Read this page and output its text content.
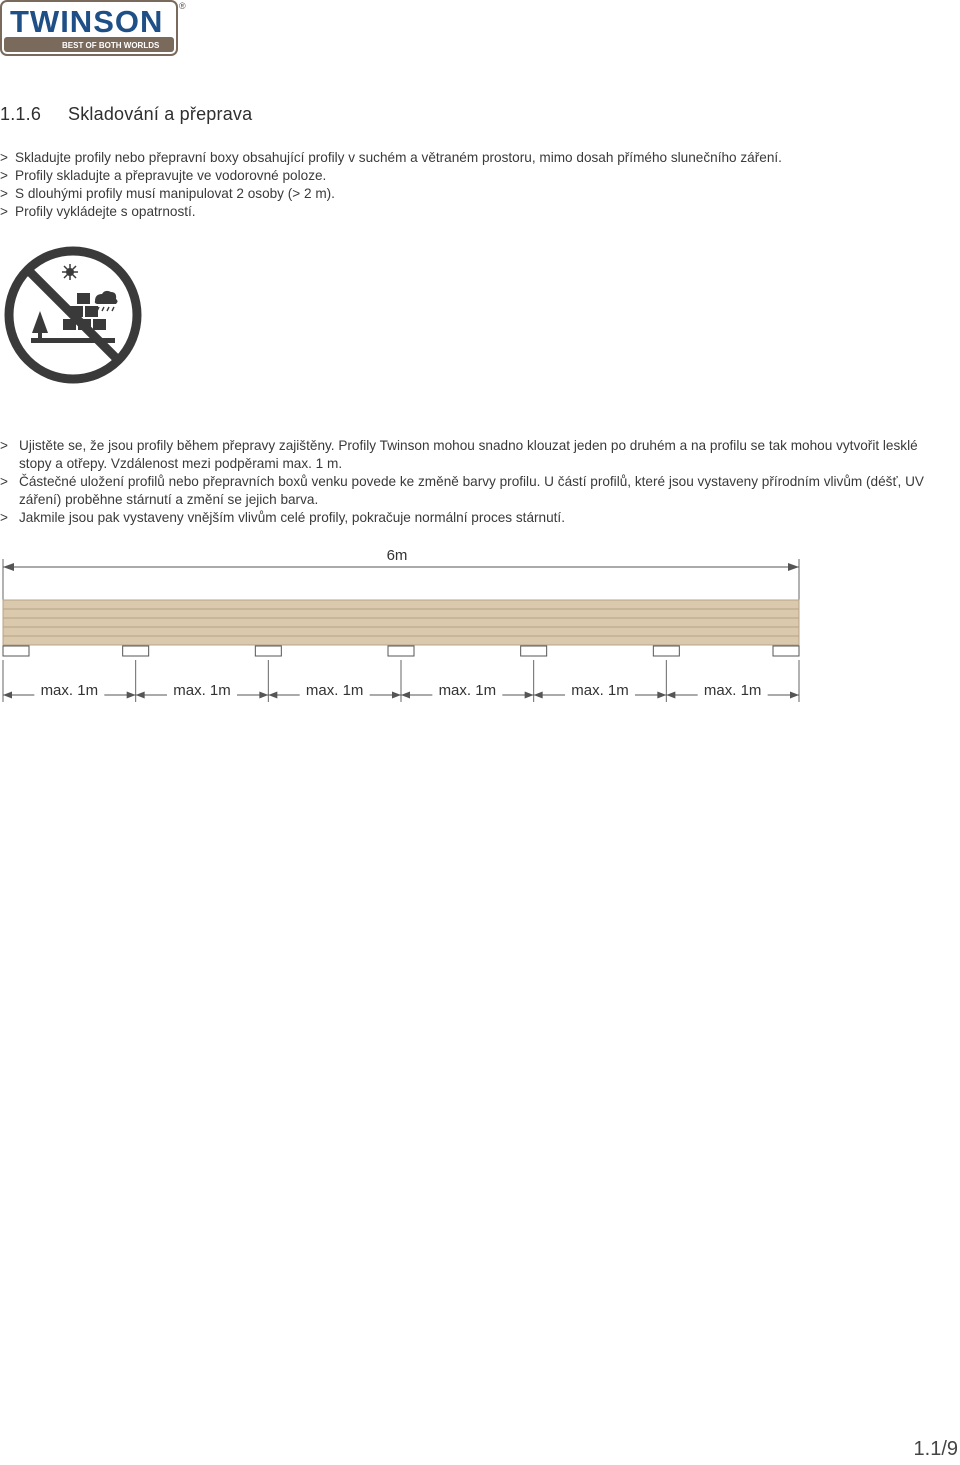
TWINSON
BEST OF BOTH WORLDS
®
1.1.6 Skladování a přeprava
> Skladujte profily nebo přepravní boxy obsahující profily v suchém a větraném prostoru, mimo dosah přímého slunečního záření.
> Profily skladujte a přepravujte ve vodorovné poloze.
> S dlouhými profily musí manipulovat 2 osoby (> 2 m).
> Profily vykládejte s opatrností.
> Ujistěte se, že jsou profily během přepravy zajištěny. Profily Twinson mohou snadno klouzat jeden po druhém a na profilu se tak mohou vytvořit lesklé stopy a otřepy. Vzdálenost mezi podpěrami max. 1 m.
> Částečné uložení profilů nebo přepravních boxů venku povede ke změně barvy profilu. U částí profilů, které jsou vystaveny přírodním vlivům (déšť, UV záření) proběhne stárnutí a změní se jejich barva.
> Jakmile jsou pak vystaveny vnějším vlivům celé profily, pokračuje normální proces stárnutí.
6m
max. 1m	max. 1m	max. 1m	max. 1m	max. 1m	max. 1m
1.1/9
